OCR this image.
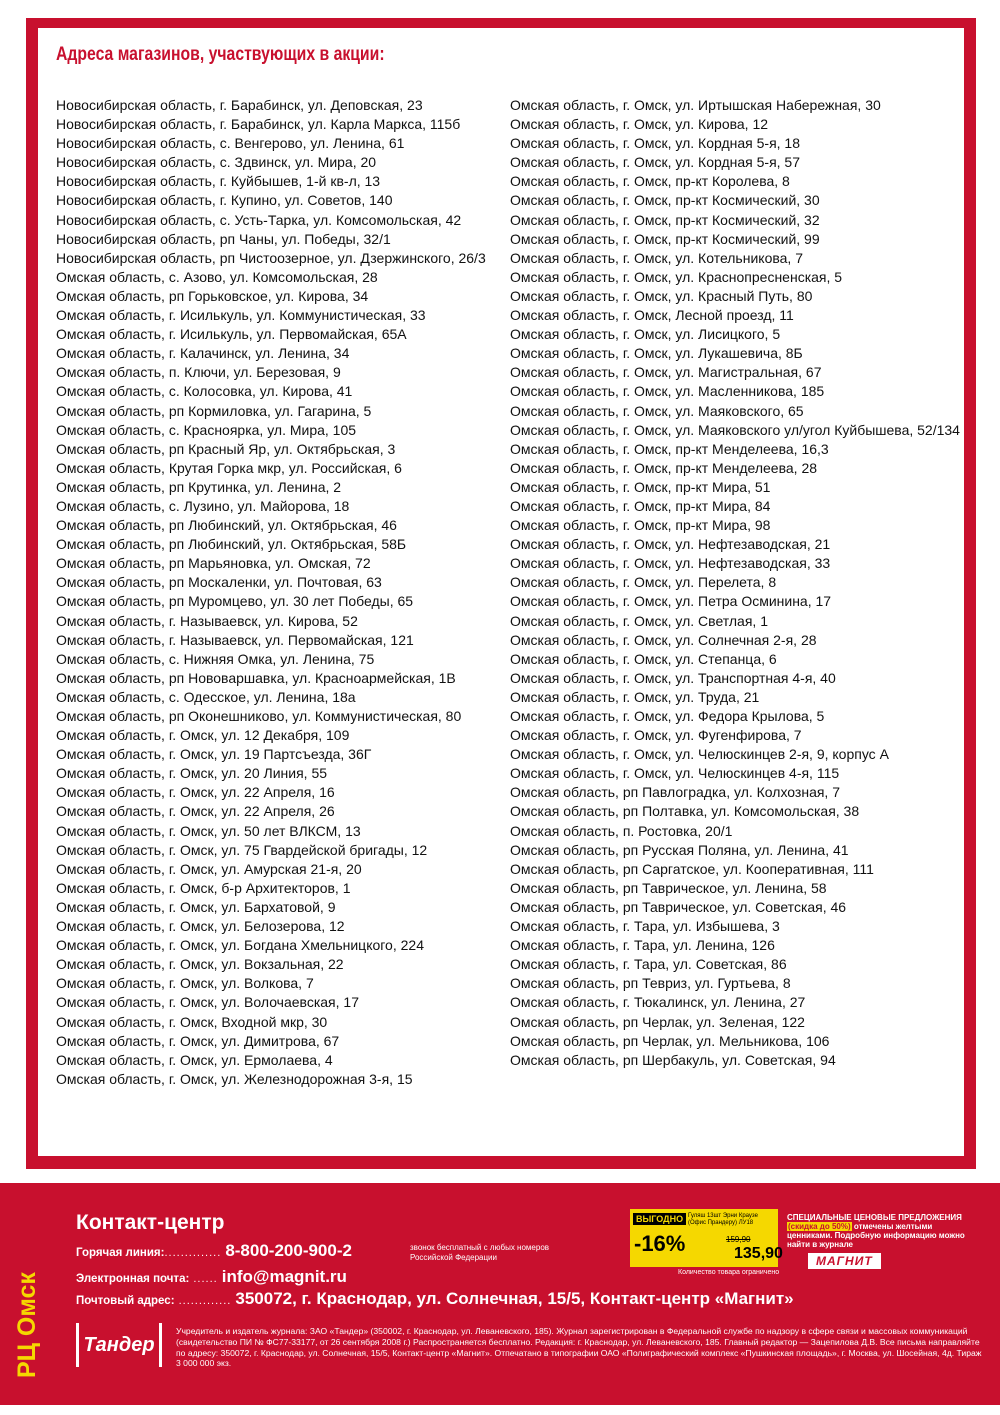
Адреса магазинов, участвующих в акции:
Новосибирская область, г. Барабинск, ул. Деповская, 23
Новосибирская область, г. Барабинск, ул. Карла Маркса, 115б
Новосибирская область, с. Венгерово, ул. Ленина, 61
Новосибирская область, с. Здвинск, ул. Мира, 20
Новосибирская область, г. Куйбышев, 1-й кв-л, 13
Новосибирская область, г. Купино, ул. Советов, 140
Новосибирская область, с. Усть-Тарка, ул. Комсомольская, 42
Новосибирская область, рп Чаны, ул. Победы, 32/1
Новосибирская область, рп Чистоозерное, ул. Дзержинского, 26/3
Омская область, с. Азово, ул. Комсомольская, 28
Омская область, рп Горьковское, ул. Кирова, 34
Омская область, г. Исилькуль, ул. Коммунистическая, 33
Омская область, г. Исилькуль, ул. Первомайская, 65А
Омская область, г. Калачинск, ул. Ленина, 34
Омская область, п. Ключи, ул. Березовая, 9
Омская область, с. Колосовка, ул. Кирова, 41
Омская область, рп Кормиловка, ул. Гагарина, 5
Омская область, с. Красноярка, ул. Мира, 105
Омская область, рп Красный Яр, ул. Октябрьская, 3
Омская область, Крутая Горка мкр, ул. Российская, 6
Омская область, рп Крутинка, ул. Ленина, 2
Омская область, с. Лузино, ул. Майорова, 18
Омская область, рп Любинский, ул. Октябрьская, 46
Омская область, рп Любинский, ул. Октябрьская, 58Б
Омская область, рп Марьяновка, ул. Омская, 72
Омская область, рп Москаленки, ул. Почтовая, 63
Омская область, рп Муромцево, ул. 30 лет Победы, 65
Омская область, г. Называевск, ул. Кирова, 52
Омская область, г. Называевск, ул. Первомайская, 121
Омская область, с. Нижняя Омка, ул. Ленина, 75
Омская область, рп Нововаршавка, ул. Красноармейская, 1В
Омская область, с. Одесское, ул. Ленина, 18а
Омская область, рп Оконешниково, ул. Коммунистическая, 80
Омская область, г. Омск, ул. 12 Декабря, 109
Омская область, г. Омск, ул. 19 Партсъезда, 36Г
Омская область, г. Омск, ул. 20 Линия, 55
Омская область, г. Омск, ул. 22 Апреля, 16
Омская область, г. Омск, ул. 22 Апреля, 26
Омская область, г. Омск, ул. 50 лет ВЛКСМ, 13
Омская область, г. Омск, ул. 75 Гвардейской бригады, 12
Омская область, г. Омск, ул. Амурская 21-я, 20
Омская область, г. Омск, б-р Архитекторов, 1
Омская область, г. Омск, ул. Бархатовой, 9
Омская область, г. Омск, ул. Белозерова, 12
Омская область, г. Омск, ул. Богдана Хмельницкого, 224
Омская область, г. Омск, ул. Вокзальная, 22
Омская область, г. Омск, ул. Волкова, 7
Омская область, г. Омск, ул. Волочаевская, 17
Омская область, г. Омск, Входной мкр, 30
Омская область, г. Омск, ул. Димитрова, 67
Омская область, г. Омск, ул. Ермолаева, 4
Омская область, г. Омск, ул. Железнодорожная 3-я, 15
Омская область, г. Омск, ул. Иртышская Набережная, 30
Омская область, г. Омск, ул. Кирова, 12
Омская область, г. Омск, ул. Кордная 5-я, 18
Омская область, г. Омск, ул. Кордная 5-я, 57
Омская область, г. Омск, пр-кт Королева, 8
Омская область, г. Омск, пр-кт Космический, 30
Омская область, г. Омск, пр-кт Космический, 32
Омская область, г. Омск, пр-кт Космический, 99
Омская область, г. Омск, ул. Котельникова, 7
Омская область, г. Омск, ул. Краснопресненская, 5
Омская область, г. Омск, ул. Красный Путь, 80
Омская область, г. Омск, Лесной проезд, 11
Омская область, г. Омск, ул. Лисицкого, 5
Омская область, г. Омск, ул. Лукашевича, 8Б
Омская область, г. Омск, ул. Магистральная, 67
Омская область, г. Омск, ул. Масленникова, 185
Омская область, г. Омск, ул. Маяковского, 65
Омская область, г. Омск, ул. Маяковского ул/угол Куйбышева, 52/134
Омская область, г. Омск, пр-кт Менделеева, 16,3
Омская область, г. Омск, пр-кт Менделеева, 28
Омская область, г. Омск, пр-кт Мира, 51
Омская область, г. Омск, пр-кт Мира, 84
Омская область, г. Омск, пр-кт Мира, 98
Омская область, г. Омск, ул. Нефтезаводская, 21
Омская область, г. Омск, ул. Нефтезаводская, 33
Омская область, г. Омск, ул. Перелета, 8
Омская область, г. Омск, ул. Петра Осминина, 17
Омская область, г. Омск, ул. Светлая, 1
Омская область, г. Омск, ул. Солнечная 2-я, 28
Омская область, г. Омск, ул. Степанца, 6
Омская область, г. Омск, ул. Транспортная 4-я, 40
Омская область, г. Омск, ул. Труда, 21
Омская область, г. Омск, ул. Федора Крылова, 5
Омская область, г. Омск, ул. Фугенфирова, 7
Омская область, г. Омск, ул. Челюскинцев 2-я, 9, корпус А
Омская область, г. Омск, ул. Челюскинцев 4-я, 115
Омская область, рп Павлоградка, ул. Колхозная, 7
Омская область, рп Полтавка, ул. Комсомольская, 38
Омская область, п. Ростовка, 20/1
Омская область, рп Русская Поляна, ул. Ленина, 41
Омская область, рп Саргатское, ул. Кооперативная, 111
Омская область, рп Таврическое, ул. Ленина, 58
Омская область, рп Таврическое, ул. Советская, 46
Омская область, г. Тара, ул. Избышева, 3
Омская область, г. Тара, ул. Ленина, 126
Омская область, г. Тара, ул. Советская, 86
Омская область, рп Тевриз, ул. Гуртьева, 8
Омская область, г. Тюкалинск, ул. Ленина, 27
Омская область, рп Черлак, ул. Зеленая, 122
Омская область, рп Черлак, ул. Мельникова, 106
Омская область, рп Шербакуль, ул. Советская, 94
РЦ Омск
Контакт-центр
Горячая линия:.............. 8-800-200-900-2	звонок бесплатный с любых номеров Российской Федерации
Электронная почта: ...... info@magnit.ru
Почтовый адрес: ............. 350072, г. Краснодар, ул. Солнечная, 15/5, Контакт-центр «Магнит»
ВЫГОДНО
-16%
Гуляш 13шт Эрни Краузе (Офис Прандеру) ЛУ18
159,90
135,90
Количество товара ограничено
СПЕЦИАЛЬНЫЕ ЦЕНОВЫЕ ПРЕДЛОЖЕНИЯ
(скидка до 50%) отмечены желтыми ценниками. Подробную информацию можно найти в журнале
МАГНИТ
Тандер
Учредитель и издатель журнала: ЗАО «Тандер» (350002, г. Краснодар, ул. Леваневского, 185). Журнал зарегистрирован в Федеральной службе по надзору в сфере связи и массовых коммуникаций (свидетельство ПИ № ФС77-33177, от 26 сентября 2008 г.) Распространяется бесплатно. Редакция: г. Краснодар, ул. Леваневского, 185. Главный редактор — Зацепилова Д.В. Все письма направляйте по адресу: 350072, г. Краснодар, ул. Солнечная, 15/5, Контакт-центр «Магнит». Отпечатано в типографии ОАО «Полиграфический комплекс «Пушкинская площадь», г. Москва, ул. Шосейная, 4д. Тираж 3 000 000 экз.
